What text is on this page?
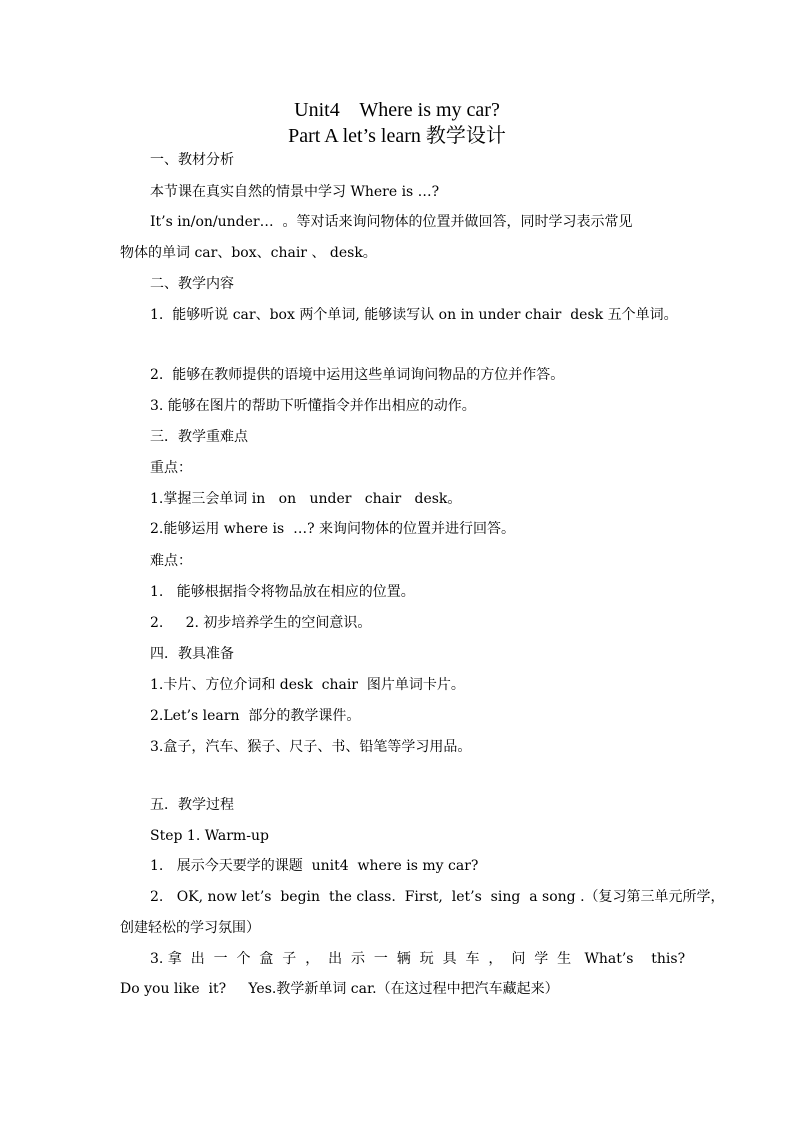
Unit4    Where is my car?
Part A let’s learn 教学设计
一、教材分析
本节课在真实自然的情景中学习 Where is …?
It’s in/on/under…  。等对话来询问物体的位置并做回答，同时学习表示常见
物体的单词 car、box、chair 、 desk。
二、教学内容
1.  能够听说 car、box 两个单词, 能够读写认 on in under chair  desk 五个单词。
2.  能够在教师提供的语境中运用这些单词询问物品的方位并作答。
3. 能够在图片的帮助下听懂指令并作出相应的动作。
三．教学重难点
重点：
1.掌握三会单词 in   on   under   chair   desk。
2.能够运用 where is  …? 来询问物体的位置并进行回答。
难点：
1.   能够根据指令将物品放在相应的位置。
2.     2. 初步培养学生的空间意识。
四．教具准备
1.卡片、方位介词和 desk  chair  图片单词卡片。
2.Let’s learn  部分的教学课件。
3.盒子，汽车、猴子、尺子、书、铅笔等学习用品。
五．教学过程
Step 1. Warm-up
1.   展示今天要学的课题  unit4  where is my car?
2.   OK, now let’s  begin  the class.  First,  let’s  sing  a song .（复习第三单元所学，
创建轻松的学习氛围）
3. 拿  出  一  个  盒  子  ，  出  示  一  辆  玩  具  车  ，  问  学  生   What’s    this?
Do you like  it?     Yes.教学新单词 car.（在这过程中把汽车藏起来）
